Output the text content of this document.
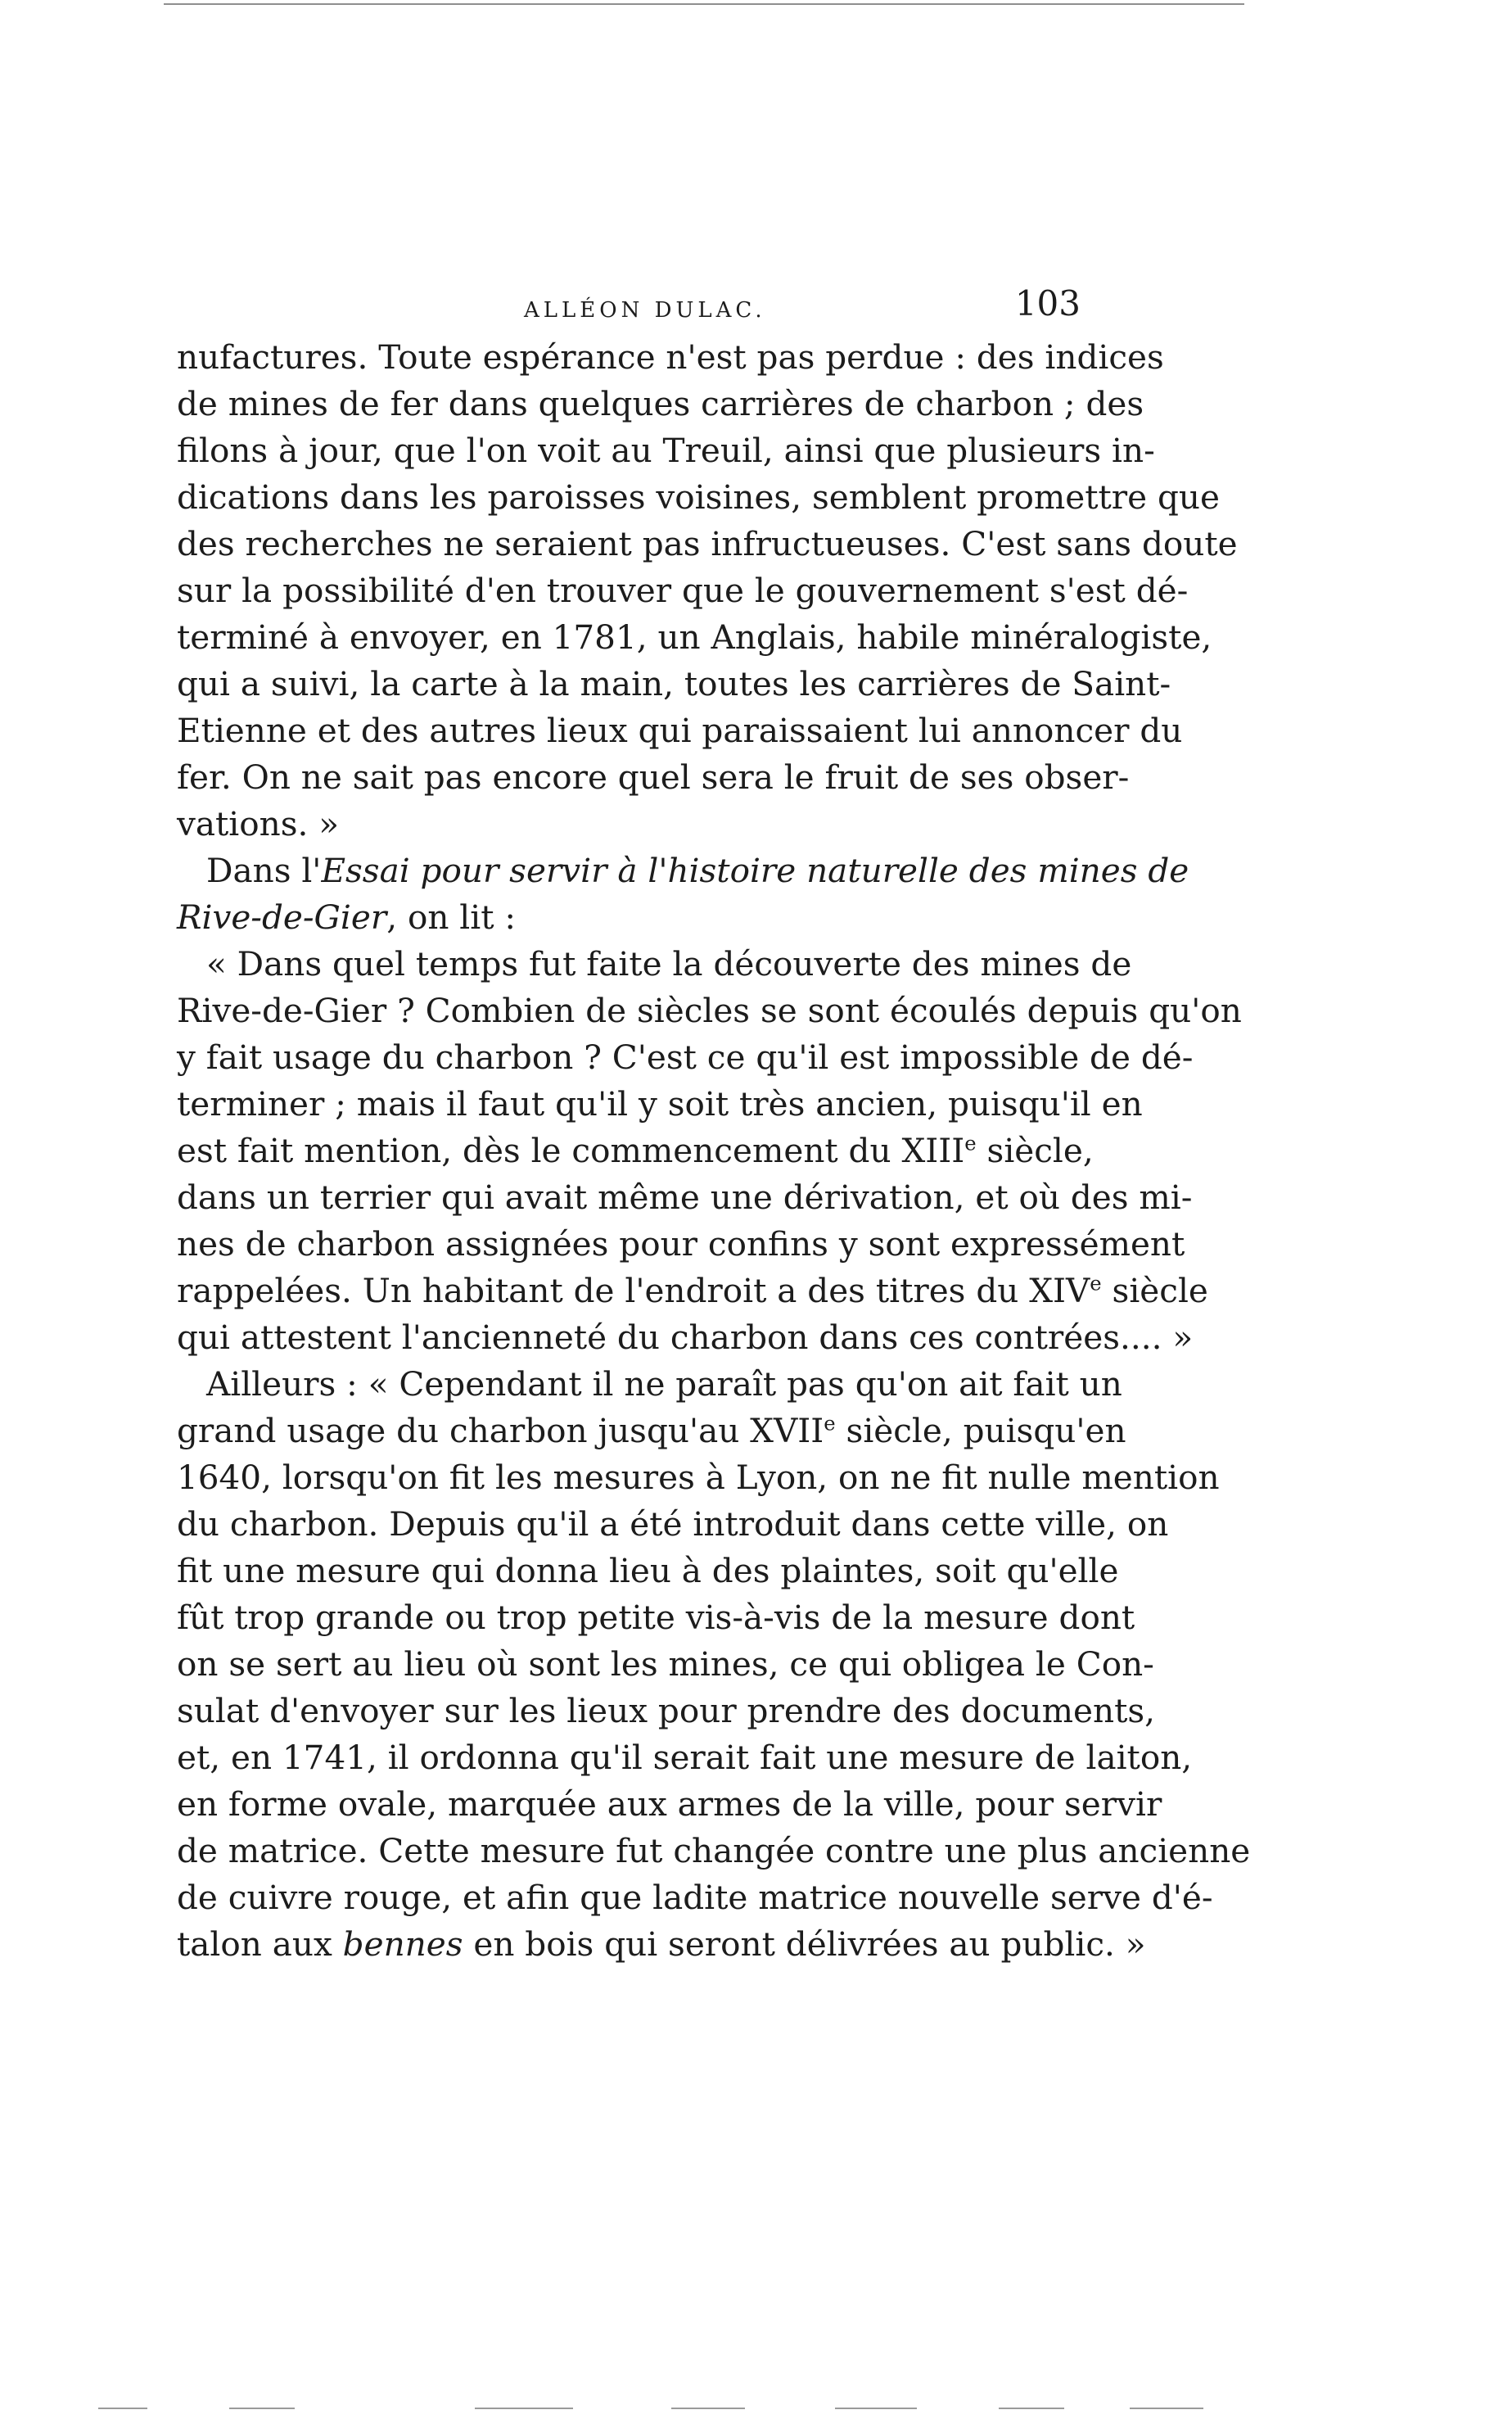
ALLÉON DULAC.	103
nufactures. Toute espérance n'est pas perdue : des indices
de mines de fer dans quelques carrières de charbon ; des
filons à jour, que l'on voit au Treuil, ainsi que plusieurs in-
dications dans les paroisses voisines, semblent promettre que
des recherches ne seraient pas infructueuses. C'est sans doute
sur la possibilité d'en trouver que le gouvernement s'est dé-
terminé à envoyer, en 1781, un Anglais, habile minéralogiste,
qui a suivi, la carte à la main, toutes les carrières de Saint-
Etienne et des autres lieux qui paraissaient lui annoncer du
fer. On ne sait pas encore quel sera le fruit de ses obser-
vations. »
Dans l'Essai pour servir à l'histoire naturelle des mines de
Rive-de-Gier, on lit :
« Dans quel temps fut faite la découverte des mines de
Rive-de-Gier ? Combien de siècles se sont écoulés depuis qu'on
y fait usage du charbon ? C'est ce qu'il est impossible de dé-
terminer ; mais il faut qu'il y soit très ancien, puisqu'il en
est fait mention, dès le commencement du XIIIe siècle,
dans un terrier qui avait même une dérivation, et où des mi-
nes de charbon assignées pour confins y sont expressément
rappelées. Un habitant de l'endroit a des titres du XIVe siècle
qui attestent l'ancienneté du charbon dans ces contrées.... »
Ailleurs : « Cependant il ne paraît pas qu'on ait fait un
grand usage du charbon jusqu'au XVIIe siècle, puisqu'en
1640, lorsqu'on fit les mesures à Lyon, on ne fit nulle mention
du charbon. Depuis qu'il a été introduit dans cette ville, on
fit une mesure qui donna lieu à des plaintes, soit qu'elle
fût trop grande ou trop petite vis-à-vis de la mesure dont
on se sert au lieu où sont les mines, ce qui obligea le Con-
sulat d'envoyer sur les lieux pour prendre des documents,
et, en 1741, il ordonna qu'il serait fait une mesure de laiton,
en forme ovale, marquée aux armes de la ville, pour servir
de matrice. Cette mesure fut changée contre une plus ancienne
de cuivre rouge, et afin que ladite matrice nouvelle serve d'é-
talon aux bennes en bois qui seront délivrées au public. »
